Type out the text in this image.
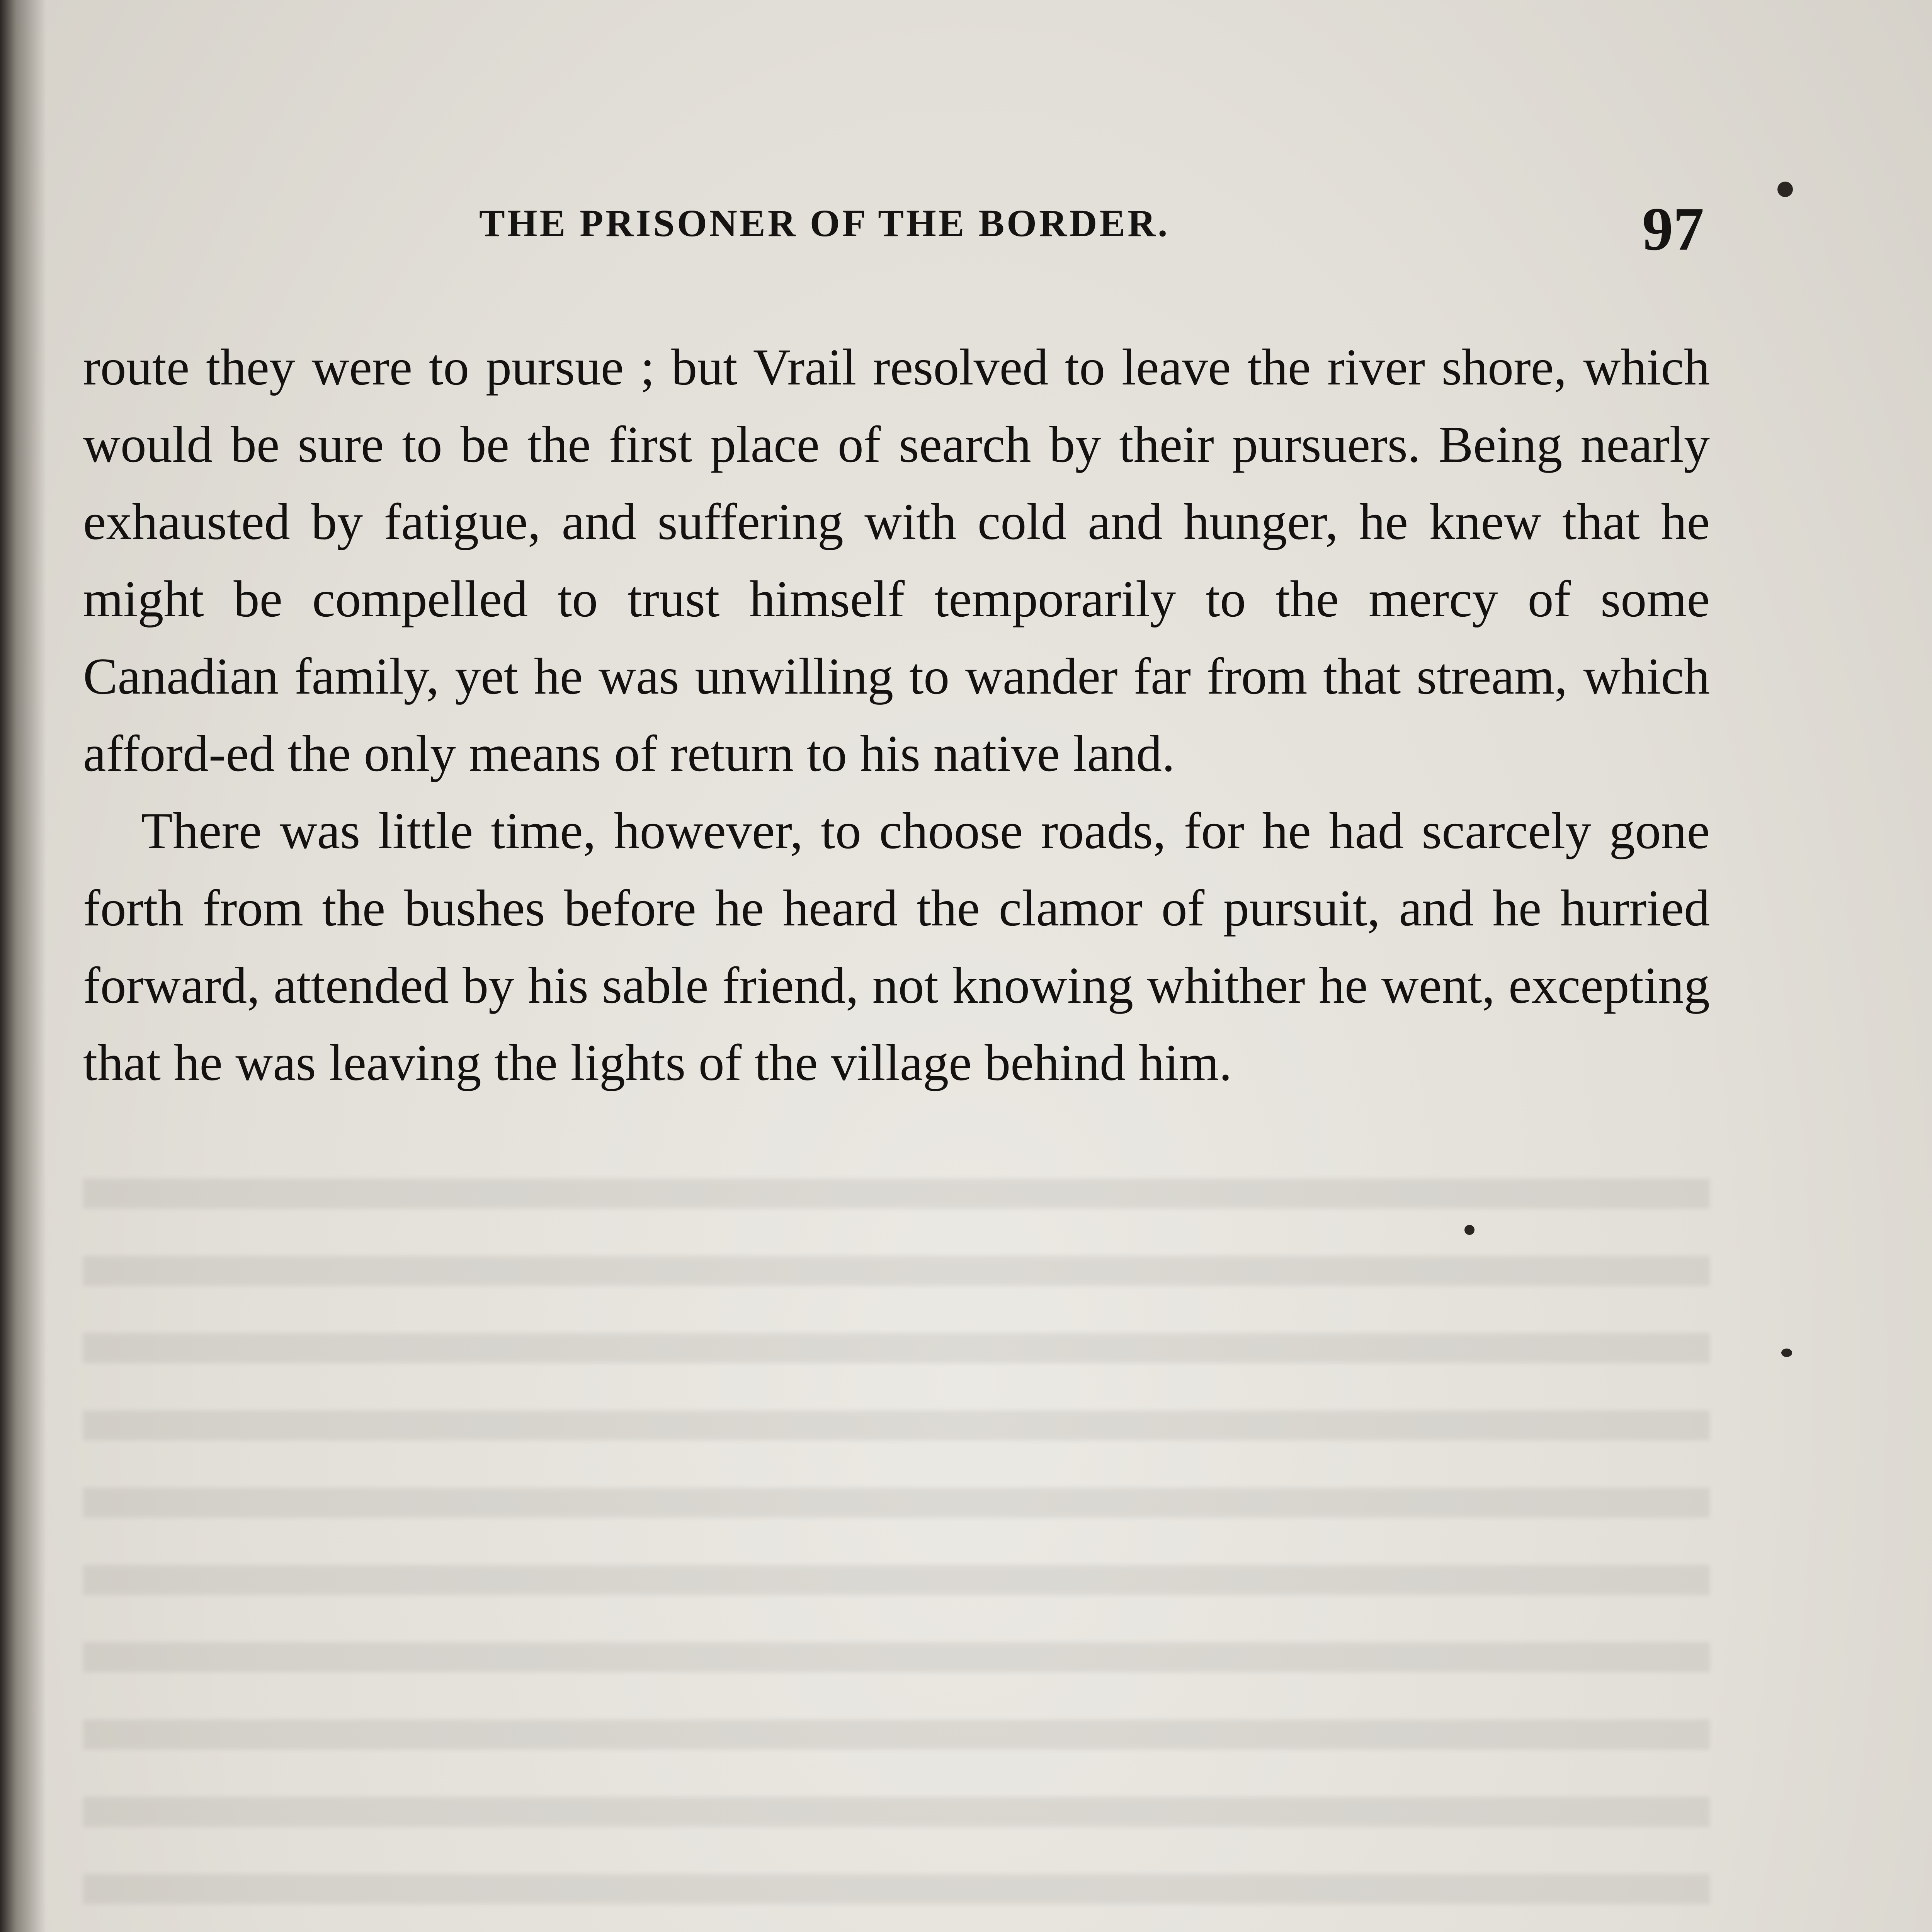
THE PRISONER OF THE BORDER.	97

route they were to pursue ; but Vrail resolved to leave the river shore, which would be sure to be the first place of search by their pursuers. Being nearly exhausted by fatigue, and suffering with cold and hunger, he knew that he might be compelled to trust himself temporarily to the mercy of some Canadian family, yet he was unwilling to wander far from that stream, which afford-ed the only means of return to his native land.

There was little time, however, to choose roads, for he had scarcely gone forth from the bushes before he heard the clamor of pursuit, and he hurried forward, attended by his sable friend, not knowing whither he went, excepting that he was leaving the lights of the village behind him.
